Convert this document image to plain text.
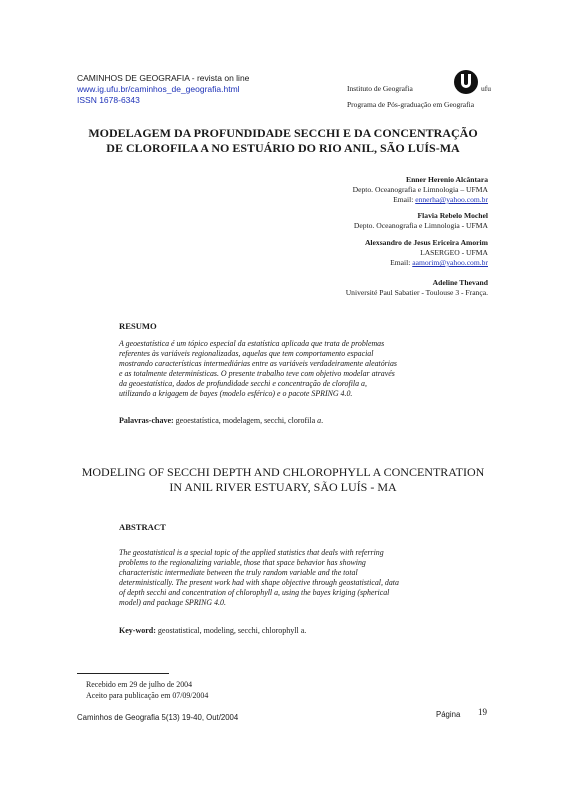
CAMINHOS DE GEOGRAFIA - revista on line
www.ig.ufu.br/caminhos_de_geografia.html
ISSN 1678-6343
Instituto de Geografia	ufu
Programa de Pós-graduação em Geografia
MODELAGEM DA PROFUNDIDADE SECCHI E DA CONCENTRAÇÃO
DE CLOROFILA A NO ESTUÁRIO DO RIO ANIL, SÃO LUÍS-MA
Enner Herenio Alcântara
Depto. Oceanografia e Limnologia – UFMA
Email: ennerha@yahoo.com.br
Flavia Rebelo Mochel
Depto. Oceanografia e Limnologia - UFMA
Alexsandro de Jesus Ericeira Amorim
LASERGEO - UFMA
Email: aamorim@yahoo.com.br
Adeline Thevand
Université Paul Sabatier - Toulouse 3 - França.
RESUMO
A geoestatística é um tópico especial da estatística aplicada que trata de problemas
referentes às variáveis regionalizadas, aquelas que tem comportamento espacial
mostrando características intermediárias entre as variáveis verdadeiramente aleatórias
e as totalmente determinísticas. O presente trabalho teve com objetivo modelar através
da geoestatística, dados de profundidade secchi e concentração de clorofila a,
utilizando a krigagem de bayes (modelo esférico) e o pacote SPRING 4.0.
Palavras-chave: geoestatística, modelagem, secchi, clorofila a.
MODELING OF SECCHI DEPTH AND CHLOROPHYLL A CONCENTRATION
IN ANIL RIVER ESTUARY, SÃO LUÍS - MA
ABSTRACT
The geostatistical is a special topic of the applied statistics that deals with referring
problems to the regionalizing variable, those that space behavior has showing
characteristic intermediate between the truly random variable and the total
deterministically. The present work had with shape objective through geostatistical, data
of depth secchi and concentration of chlorophyll a, using the bayes kriging (spherical
model) and package SPRING 4.0.
Key-word: geostatistical, modeling, secchi, chlorophyll a.
Recebido em 29 de julho de 2004
Aceito para publicação em 07/09/2004
Caminhos de Geografia 5(13) 19-40, Out/2004	Página 19
